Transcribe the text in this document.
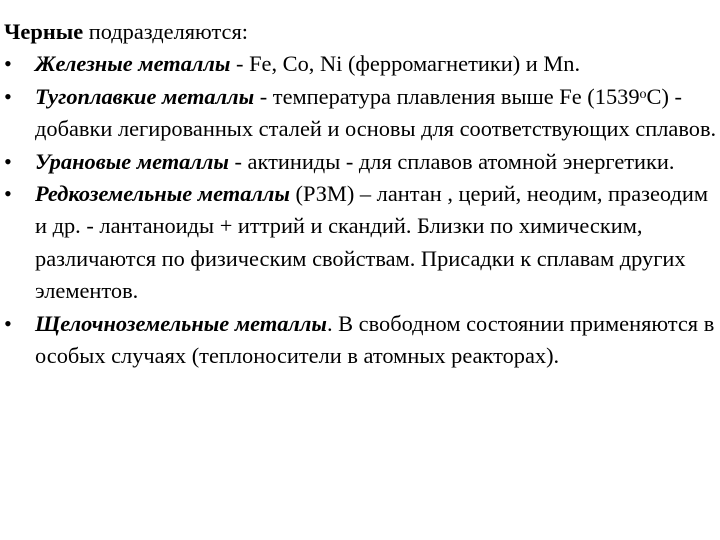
Черные подразделяются:

•	Железные металлы - Fe, Co, Ni (ферромагнетики) и Mn.
•	Тугоплавкие металлы - температура плавления выше Fe (1539$^o$C) - добавки легированных сталей и основы для соответствующих сплавов.
•	Урановые металлы - актиниды - для сплавов атомной энергетики.
•	Редкоземельные металлы (РЗМ) – лантан , церий, неодим, празеодим и др. - лантаноиды + иттрий и скандий. Близки по химическим, различаются по физическим свойствам. Присадки к сплавам других элементов.
•	Щелочноземельные металлы. В свободном состоянии применяются в особых случаях (теплоносители в атомных реакторах).
